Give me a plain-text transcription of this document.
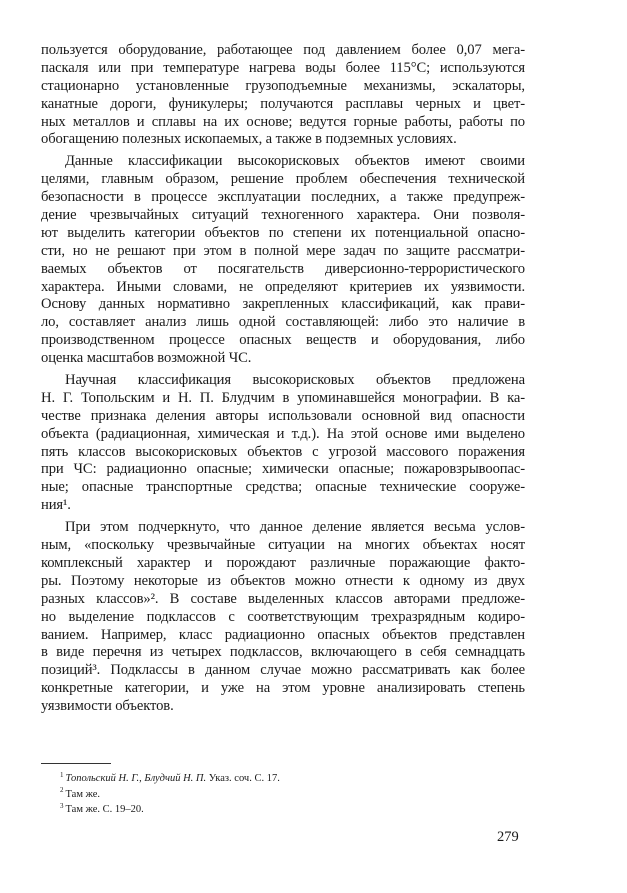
пользуется оборудование, работающее под давлением более 0,07 мега-
паскаля или при температуре нагрева воды более 115°С; используются
стационарно установленные грузоподъемные механизмы, эскалаторы,
канатные дороги, фуникулеры; получаются расплавы черных и цвет-
ных металлов и сплавы на их основе; ведутся горные работы, работы по
обогащению полезных ископаемых, а также в подземных условиях.
Данные классификации высокорисковых объектов имеют своими
целями, главным образом, решение проблем обеспечения технической
безопасности в процессе эксплуатации последних, а также предупреж-
дение чрезвычайных ситуаций техногенного характера. Они позволя-
ют выделить категории объектов по степени их потенциальной опасно-
сти, но не решают при этом в полной мере задач по защите рассматри-
ваемых объектов от посягательств диверсионно-террористического
характера. Иными словами, не определяют критериев их уязвимости.
Основу данных нормативно закрепленных классификаций, как прави-
ло, составляет анализ лишь одной составляющей: либо это наличие в
производственном процессе опасных веществ и оборудования, либо
оценка масштабов возможной ЧС.
Научная классификация высокорисковых объектов предложена
Н. Г. Топольским и Н. П. Блудчим в упоминавшейся монографии. В ка-
честве признака деления авторы использовали основной вид опасности
объекта (радиационная, химическая и т.д.). На этой основе ими выделено
пять классов высокорисковых объектов с угрозой массового поражения
при ЧС: радиационно опасные; химически опасные; пожаровзрывоопас-
ные; опасные транспортные средства; опасные технические сооруже-
ния¹.
При этом подчеркнуто, что данное деление является весьма услов-
ным, «поскольку чрезвычайные ситуации на многих объектах носят
комплексный характер и порождают различные поражающие факто-
ры. Поэтому некоторые из объектов можно отнести к одному из двух
разных классов»². В составе выделенных классов авторами предложе-
но выделение подклассов с соответствующим трехразрядным кодиро-
ванием. Например, класс радиационно опасных объектов представлен
в виде перечня из четырех подклассов, включающего в себя семнадцать
позиций³. Подклассы в данном случае можно рассматривать как более
конкретные категории, и уже на этом уровне анализировать степень
уязвимости объектов.
$^1$ Топольский Н. Г., Блудчий Н. П. Указ. соч. С. 17.
$^2$ Там же.
$^3$ Там же. С. 19–20.
279
